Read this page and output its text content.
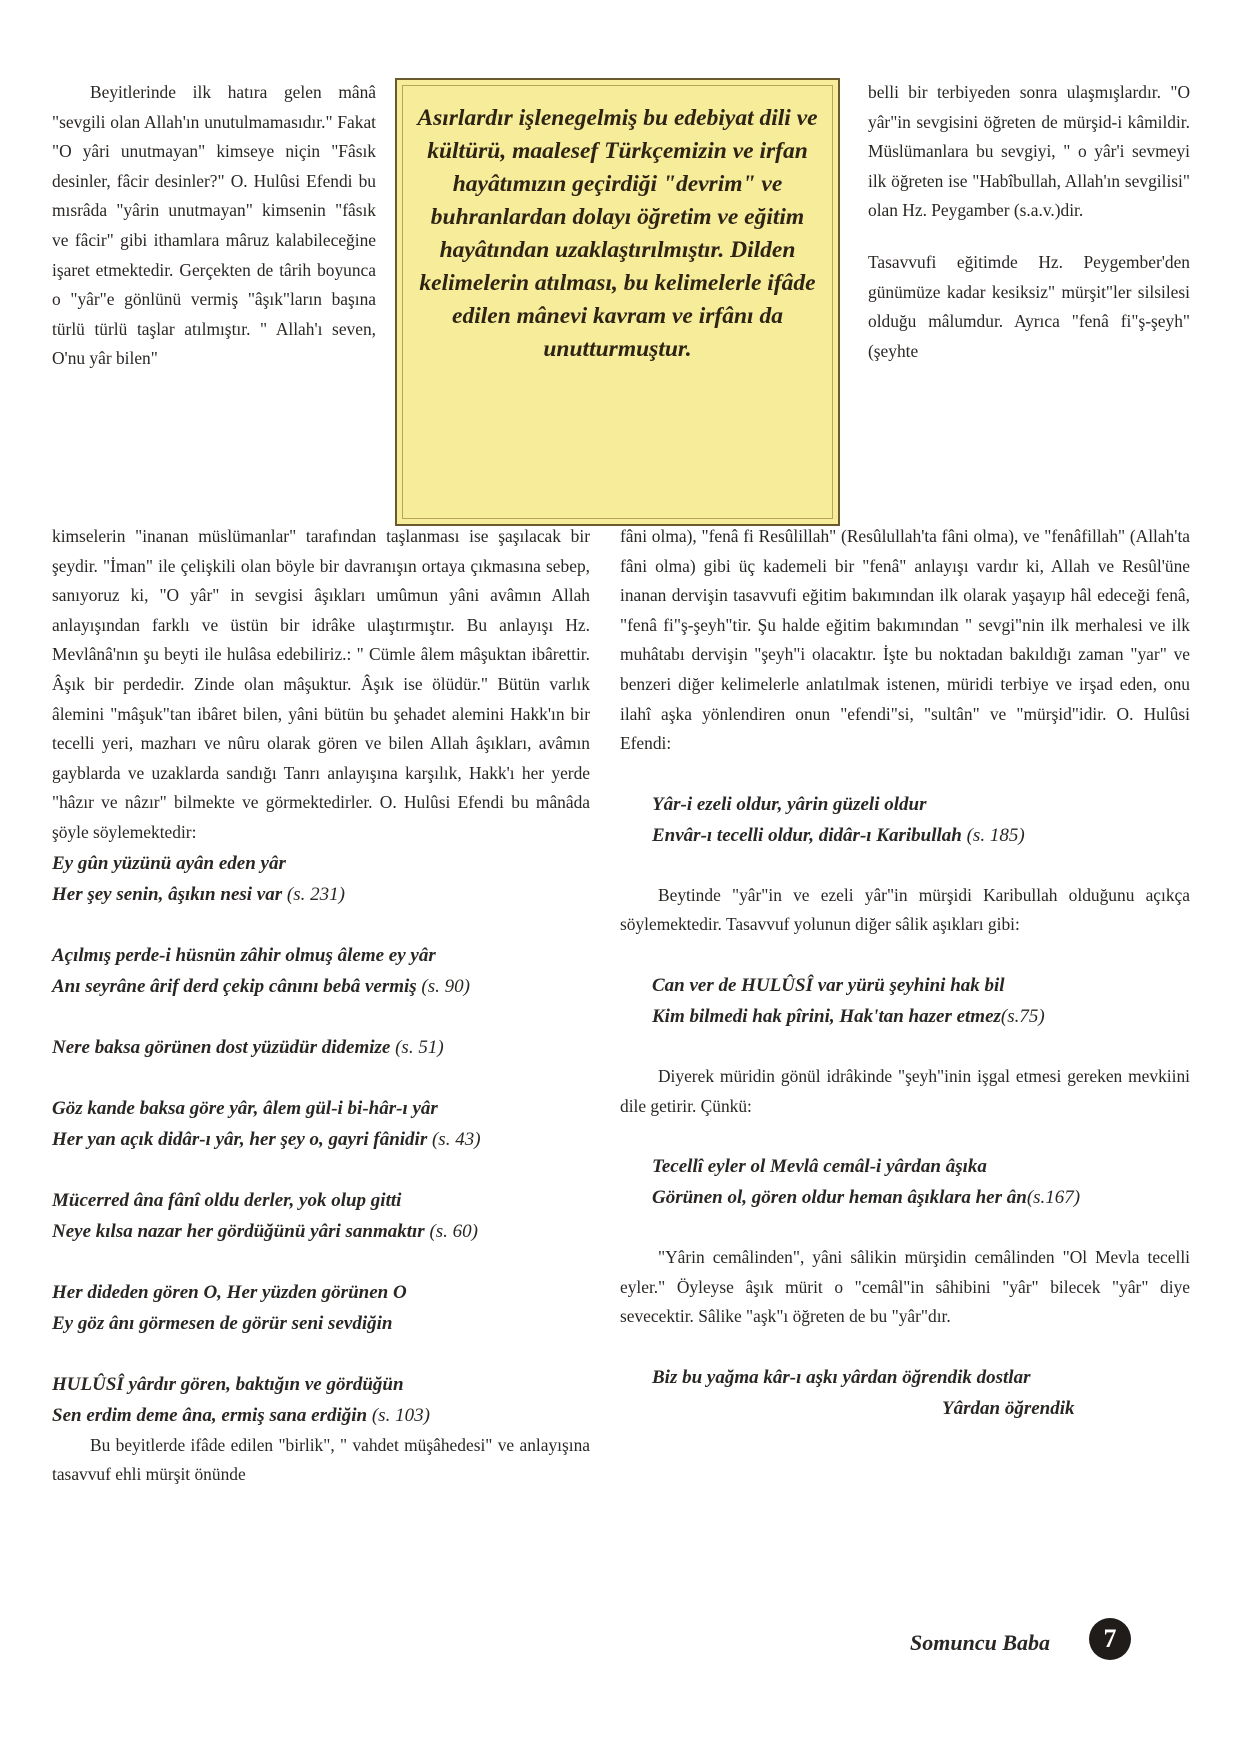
Asırlardır işlenegelmiş bu edebiyat dili ve kültürü, maalesef Türkçemizin ve irfan hayâtımızın geçirdiği "devrim" ve buhranlardan dolayı öğretim ve eğitim hayâtından uzaklaştırılmıştır. Dilden kelimelerin atılması, bu kelimelerle ifâde edilen mânevi kavram ve irfânı da unutturmuştur.

Beyitlerinde ilk hatıra gelen mânâ "sevgili olan Allah'ın unutulmamasıdır." Fakat "O yâri unutmayan" kimseye niçin "Fâsık desinler, fâcir desinler?" O. Hulûsi Efendi bu mısrâda "yârin unutmayan" kimsenin "fâsık ve fâcir" gibi ithamlara mâruz kalabileceğine işaret etmektedir. Gerçekten de târih boyunca o "yâr"e gönlünü vermiş "âşık"ların başına türlü türlü taşlar atılmıştır. " Allah'ı seven, O'nu yâr bilen"

kimselerin "inanan müslümanlar" tarafından taşlanması ise şaşılacak bir şeydir. "İman" ile çelişkili olan böyle bir davranışın ortaya çıkmasına sebep, sanıyoruz ki, "O yâr" in sevgisi âşıkları umûmun yâni avâmın Allah anlayışından farklı ve üstün bir idrâke ulaştırmıştır. Bu anlayışı Hz. Mevlânâ'nın şu beyti ile hulâsa edebiliriz.: " Cümle âlem mâşuktan ibârettir. Âşık bir perdedir. Zinde olan mâşuktur. Âşık ise ölüdür." Bütün varlık âlemini "mâşuk"tan ibâret bilen, yâni bütün bu şehadet alemini Hakk'ın bir tecelli yeri, mazharı ve nûru olarak gören ve bilen Allah âşıkları, avâmın gayblarda ve uzaklarda sandığı Tanrı anlayışına karşılık, Hakk'ı her yerde "hâzır ve nâzır" bilmekte ve görmektedirler. O. Hulûsi Efendi bu mânâda şöyle söylemektedir:

Ey gûn yüzünü ayân eden yâr
Her şey senin, âşıkın nesi var (s. 231)
Açılmış perde-i hüsnün zâhir olmuş âleme ey yâr
Anı seyrâne ârif derd çekip cânını bebâ vermiş (s. 90)
Nere baksa görünen dost yüzüdür didemize (s. 51)
Göz kande baksa göre yâr, âlem gül-i bi-hâr-ı yâr
Her yan açık didâr-ı yâr, her şey o, gayri fânidir (s. 43)
Mücerred âna fânî oldu derler, yok olup gitti
Neye kılsa nazar her gördüğünü yâri sanmaktır (s. 60)
Her dideden gören O, Her yüzden görünen O
Ey göz ânı görmesen de görür seni sevdiğin
HULÛSÎ yârdır gören, baktığın ve gördüğün
Sen erdim deme âna, ermiş sana erdiğin (s. 103)

Bu beyitlerde ifâde edilen "birlik", " vahdet müşâhedesi" ve anlayışına tasavvuf ehli mürşit önünde

belli bir terbiyeden sonra ulaşmışlardır. "O yâr"in sevgisini öğreten de mürşid-i kâmildir. Müslümanlara bu sevgiyi, " o yâr'i sevmeyi ilk öğreten ise "Habîbullah, Allah'ın sevgilisi" olan Hz. Peygamber (s.a.v.)dir.

Tasavvufi eğitimde Hz. Peygember'den günümüze kadar kesiksiz" mürşit"ler silsilesi olduğu mâlumdur. Ayrıca "fenâ fi"ş-şeyh" (şeyhte

fâni olma), "fenâ fi Resûlillah" (Resûlullah'ta fâni olma), ve "fenâfillah" (Allah'ta fâni olma) gibi üç kademeli bir "fenâ" anlayışı vardır ki, Allah ve Resûl'üne inanan dervişin tasavvufi eğitim bakımından ilk olarak yaşayıp hâl edeceği fenâ, "fenâ fi"ş-şeyh"tir. Şu halde eğitim bakımından " sevgi"nin ilk merhalesi ve ilk muhâtabı dervişin "şeyh"i olacaktır. İşte bu noktadan bakıldığı zaman "yar" ve benzeri diğer kelimelerle anlatılmak istenen, müridi terbiye ve irşad eden, onu ilahî aşka yönlendiren onun "efendi"si, "sultân" ve "mürşid"idir. O. Hulûsi Efendi:

Yâr-i ezeli oldur, yârin güzeli oldur
Envâr-ı tecelli oldur, didâr-ı Karibullah (s. 185)

Beytinde "yâr"in ve ezeli yâr"in mürşidi Karibullah olduğunu açıkça söylemektedir. Tasavvuf yolunun diğer sâlik aşıkları gibi:

Can ver de HULÛSÎ var yürü şeyhini hak bil
Kim bilmedi hak pîrini, Hak'tan hazer etmez(s.75)

Diyerek müridin gönül idrâkinde "şeyh"inin işgal etmesi gereken mevkiini dile getirir. Çünkü:

Tecellî eyler ol Mevlâ cemâl-i yârdan âşıka
Görünen ol, gören oldur heman âşıklara her ân(s.167)

"Yârin cemâlinden", yâni sâlikin mürşidin cemâlinden "Ol Mevla tecelli eyler." Öyleyse âşık mürit o "cemâl"in sâhibini "yâr" bilecek "yâr" diye sevecektir. Sâlike "aşk"ı öğreten de bu "yâr"dır.

Biz bu yağma kâr-ı aşkı yârdan öğrendik dostlar
Yârdan öğrendik
Somuncu Baba	7
